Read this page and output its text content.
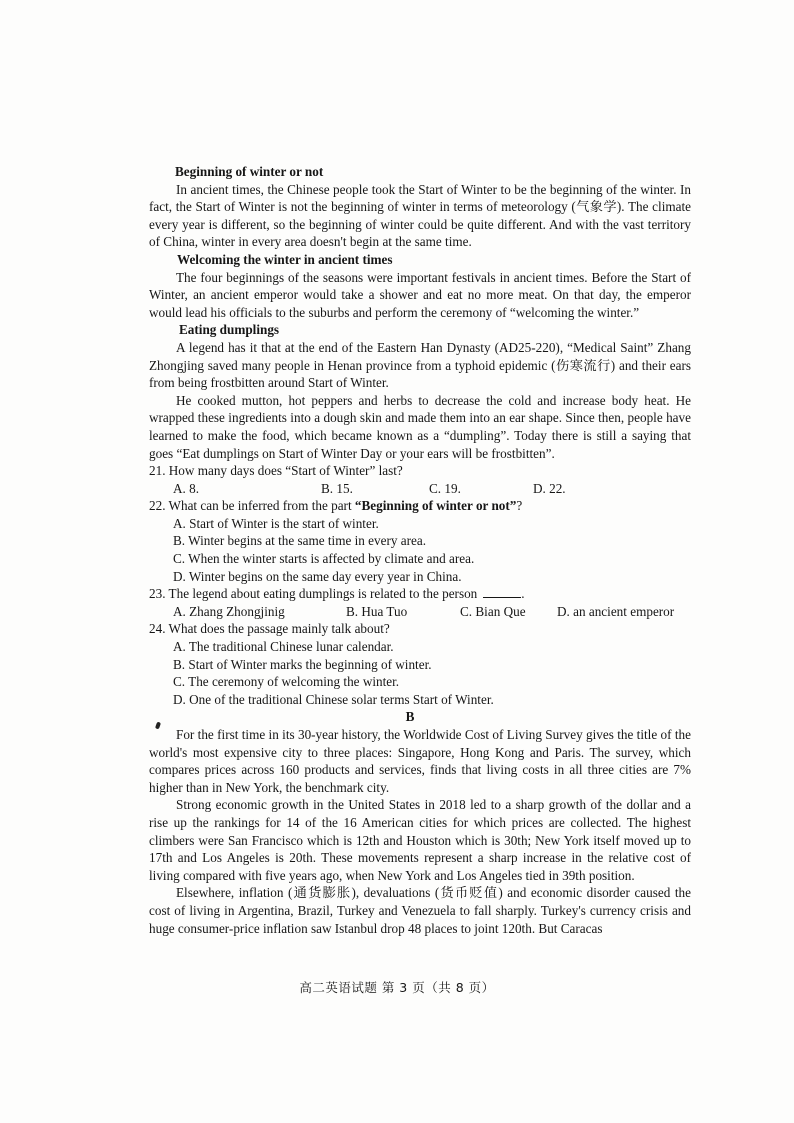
Beginning of winter or not

In ancient times, the Chinese people took the Start of Winter to be the beginning of the winter. In fact, the Start of Winter is not the beginning of winter in terms of meteorology (气象学). The climate every year is different, so the beginning of winter could be quite different. And with the vast territory of China, winter in every area doesn't begin at the same time.

Welcoming the winter in ancient times

The four beginnings of the seasons were important festivals in ancient times. Before the Start of Winter, an ancient emperor would take a shower and eat no more meat. On that day, the emperor would lead his officials to the suburbs and perform the ceremony of “welcoming the winter.”

Eating dumplings

A legend has it that at the end of the Eastern Han Dynasty (AD25-220), “Medical Saint” Zhang Zhongjing saved many people in Henan province from a typhoid epidemic (伤寒流行) and their ears from being frostbitten around Start of Winter.

He cooked mutton, hot peppers and herbs to decrease the cold and increase body heat. He wrapped these ingredients into a dough skin and made them into an ear shape. Since then, people have learned to make the food, which became known as a “dumpling”. Today there is still a saying that goes “Eat dumplings on Start of Winter Day or your ears will be frostbitten”.

21. How many days does “Start of Winter” last?
A. 8.	B. 15.	C. 19.	D. 22.
22. What can be inferred from the part “Beginning of winter or not”?
A. Start of Winter is the start of winter.
B. Winter begins at the same time in every area.
C. When the winter starts is affected by climate and area.
D. Winter begins on the same day every year in China.
23. The legend about eating dumplings is related to the person	.
A. Zhang Zhongjinig	B. Hua Tuo	C. Bian Que	D. an ancient emperor
24. What does the passage mainly talk about?
A. The traditional Chinese lunar calendar.
B. Start of Winter marks the beginning of winter.
C. The ceremony of welcoming the winter.
D. One of the traditional Chinese solar terms Start of Winter.
B

For the first time in its 30-year history, the Worldwide Cost of Living Survey gives the title of the world's most expensive city to three places: Singapore, Hong Kong and Paris. The survey, which compares prices across 160 products and services, finds that living costs in all three cities are 7% higher than in New York, the benchmark city.

Strong economic growth in the United States in 2018 led to a sharp growth of the dollar and a rise up the rankings for 14 of the 16 American cities for which prices are collected. The highest climbers were San Francisco which is 12th and Houston which is 30th; New York itself moved up to 17th and Los Angeles is 20th. These movements represent a sharp increase in the relative cost of living compared with five years ago, when New York and Los Angeles tied in 39th position.

Elsewhere, inflation (通货膨胀), devaluations (货币贬值) and economic disorder caused the cost of living in Argentina, Brazil, Turkey and Venezuela to fall sharply. Turkey's currency crisis and huge consumer-price inflation saw Istanbul drop 48 places to joint 120th. But Caracas

高二英语试题 第 3 页（共 8 页）
